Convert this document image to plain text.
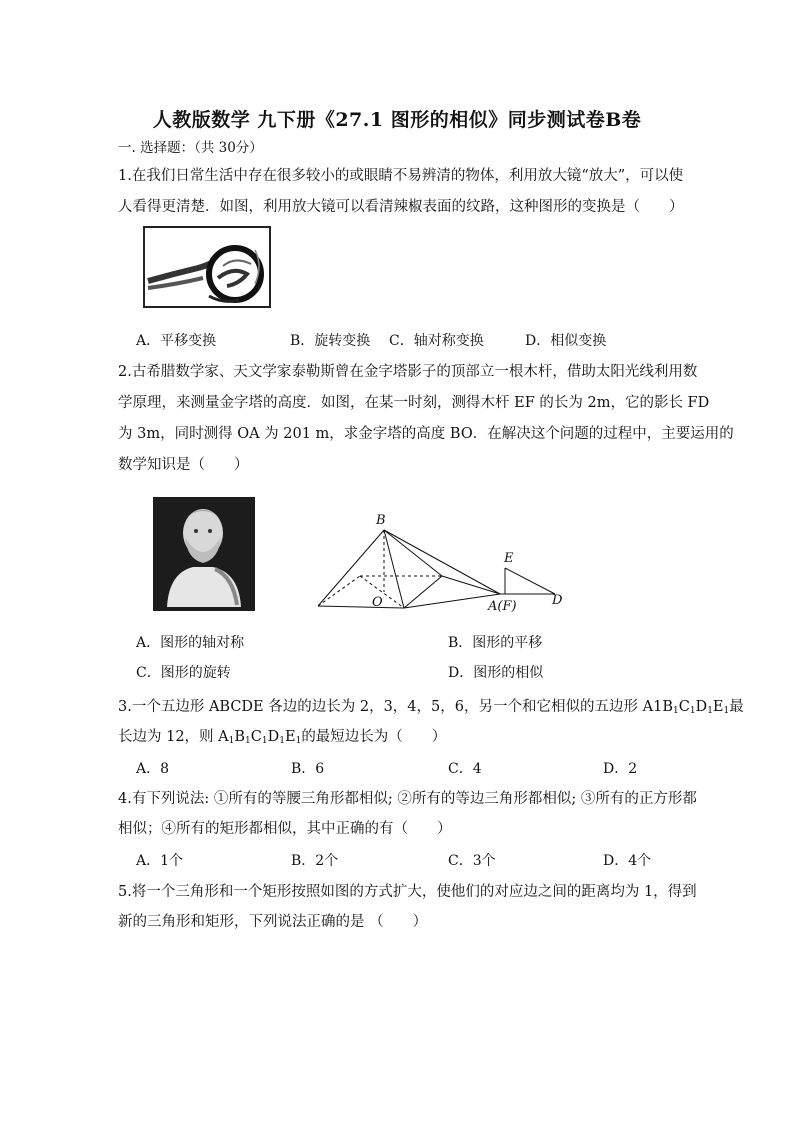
人教版数学 九下册《27.1 图形的相似》同步测试卷B卷
一. 选择题：（共 30分）
1.在我们日常生活中存在很多较小的或眼睛不易辨清的物体，利用放大镜“放大”，可以使
人看得更清楚．如图，利用放大镜可以看清辣椒表面的纹路，这种图形的变换是（　　）
A．平移变换	B．旋转变换 C．轴对称变换	D．相似变换
2.古希腊数学家、天文学家泰勒斯曾在金字塔影子的顶部立一根木杆，借助太阳光线利用数
学原理，来测量金字塔的高度．如图，在某一时刻，测得木杆 EF 的长为 2m，它的影长 FD
为 3m，同时测得 OA 为 201 m，求金字塔的高度 BO．在解决这个问题的过程中，主要运用的
数学知识是（　　）
B
E
O	A(F)	D
A．图形的轴对称	B．图形的平移
C．图形的旋转	D．图形的相似
3.一个五边形 ABCDE 各边的边长为 2，3，4，5，6，另一个和它相似的五边形 $A1B_1C_1D_1E_1$最
长边为 12，则 $A_1B_1C_1D_1E_1$的最短边长为（　　）
A．8	B．6	C．4	D．2
4.有下列说法: ①所有的等腰三角形都相似; ②所有的等边三角形都相似; ③所有的正方形都
相似；④所有的矩形都相似，其中正确的有（　　）
A．1个	B．2个	C．3个	D．4个
5.将一个三角形和一个矩形按照如图的方式扩大，使他们的对应边之间的距离均为 1，得到
新的三角形和矩形，下列说法正确的是 （　　）
